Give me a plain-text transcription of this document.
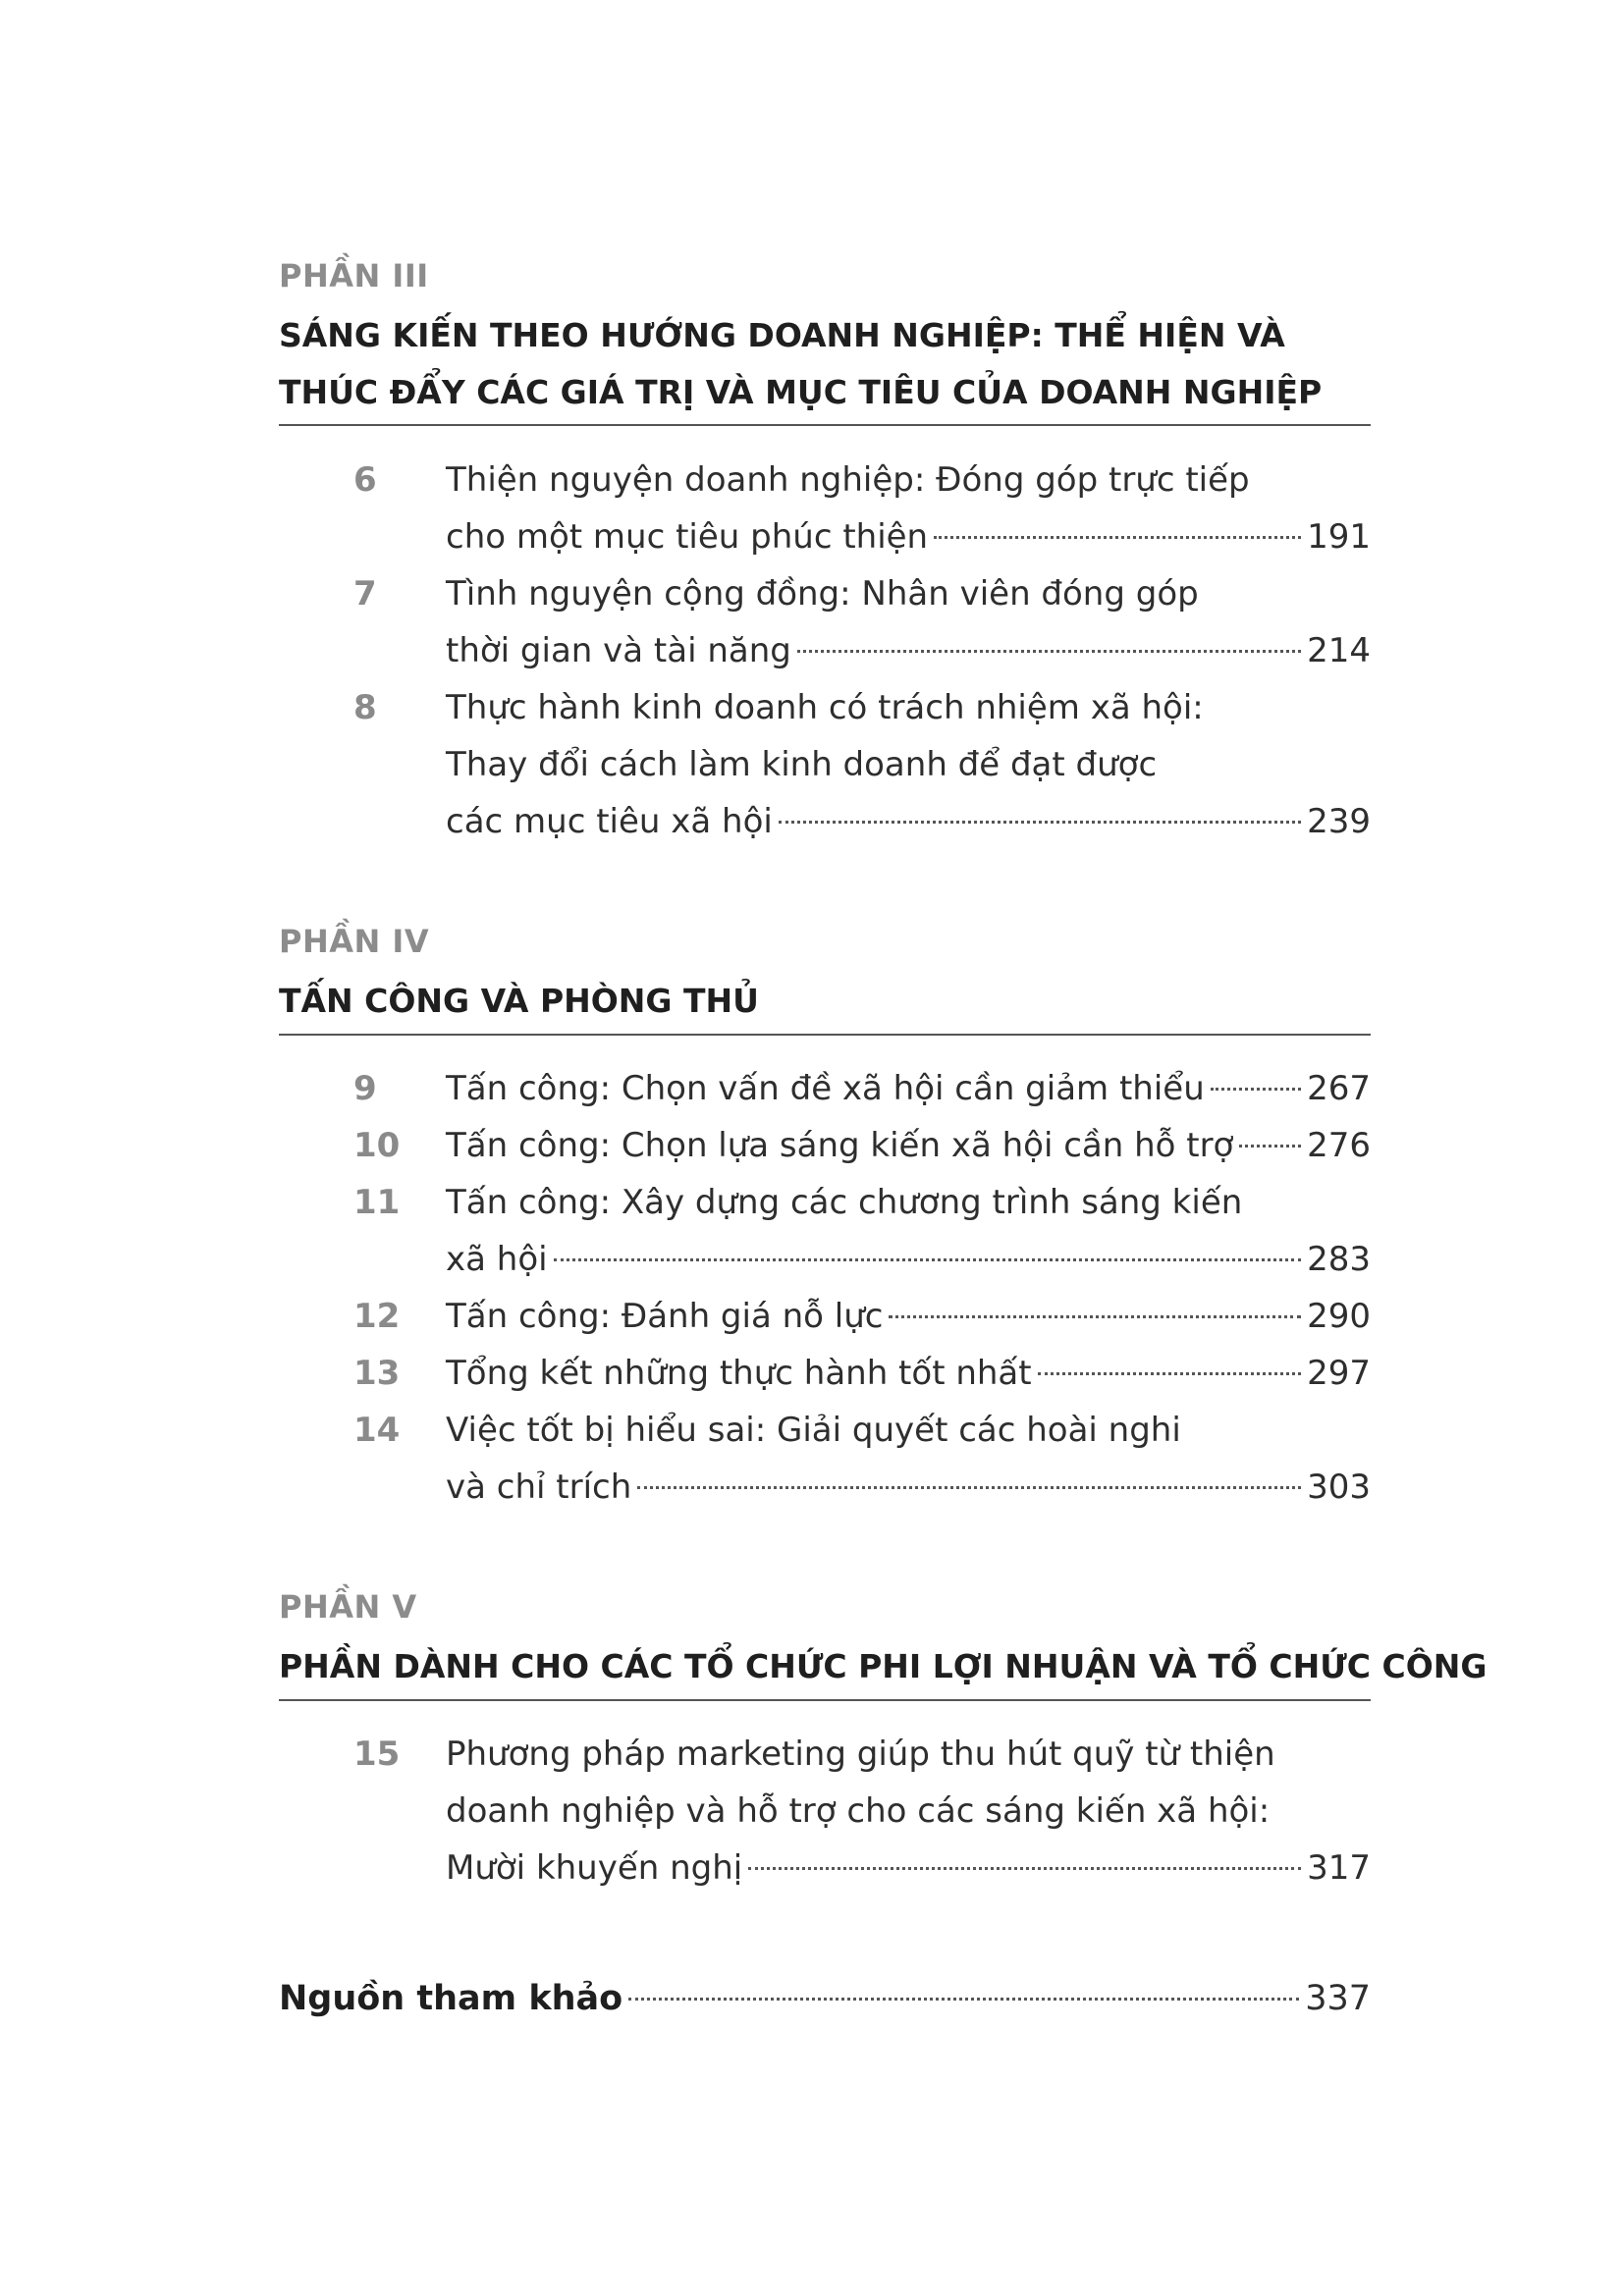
PHẦN III
SÁNG KIẾN THEO HƯỚNG DOANH NGHIỆP: THỂ HIỆN VÀ
THÚC ĐẨY CÁC GIÁ TRỊ VÀ MỤC TIÊU CỦA DOANH NGHIỆP
6	Thiện nguyện doanh nghiệp: Đóng góp trực tiếp
cho một mục tiêu phúc thiện	191
7	Tình nguyện cộng đồng: Nhân viên đóng góp
thời gian và tài năng	214
8	Thực hành kinh doanh có trách nhiệm xã hội:
Thay đổi cách làm kinh doanh để đạt được
các mục tiêu xã hội	239
PHẦN IV
TẤN CÔNG VÀ PHÒNG THỦ
9	Tấn công: Chọn vấn đề xã hội cần giảm thiểu	267
10	Tấn công: Chọn lựa sáng kiến xã hội cần hỗ trợ 276
11	Tấn công: Xây dựng các chương trình sáng kiến
xã hội	283
12	Tấn công: Đánh giá nỗ lực	290
13	Tổng kết những thực hành tốt nhất	297
14	Việc tốt bị hiểu sai: Giải quyết các hoài nghi
và chỉ trích	303
PHẦN V
PHẦN DÀNH CHO CÁC TỔ CHỨC PHI LỢI NHUẬN VÀ TỔ CHỨC CÔNG
15	Phương pháp marketing giúp thu hút quỹ từ thiện
doanh nghiệp và hỗ trợ cho các sáng kiến xã hội:
Mười khuyến nghị	317
Nguồn tham khảo	337
